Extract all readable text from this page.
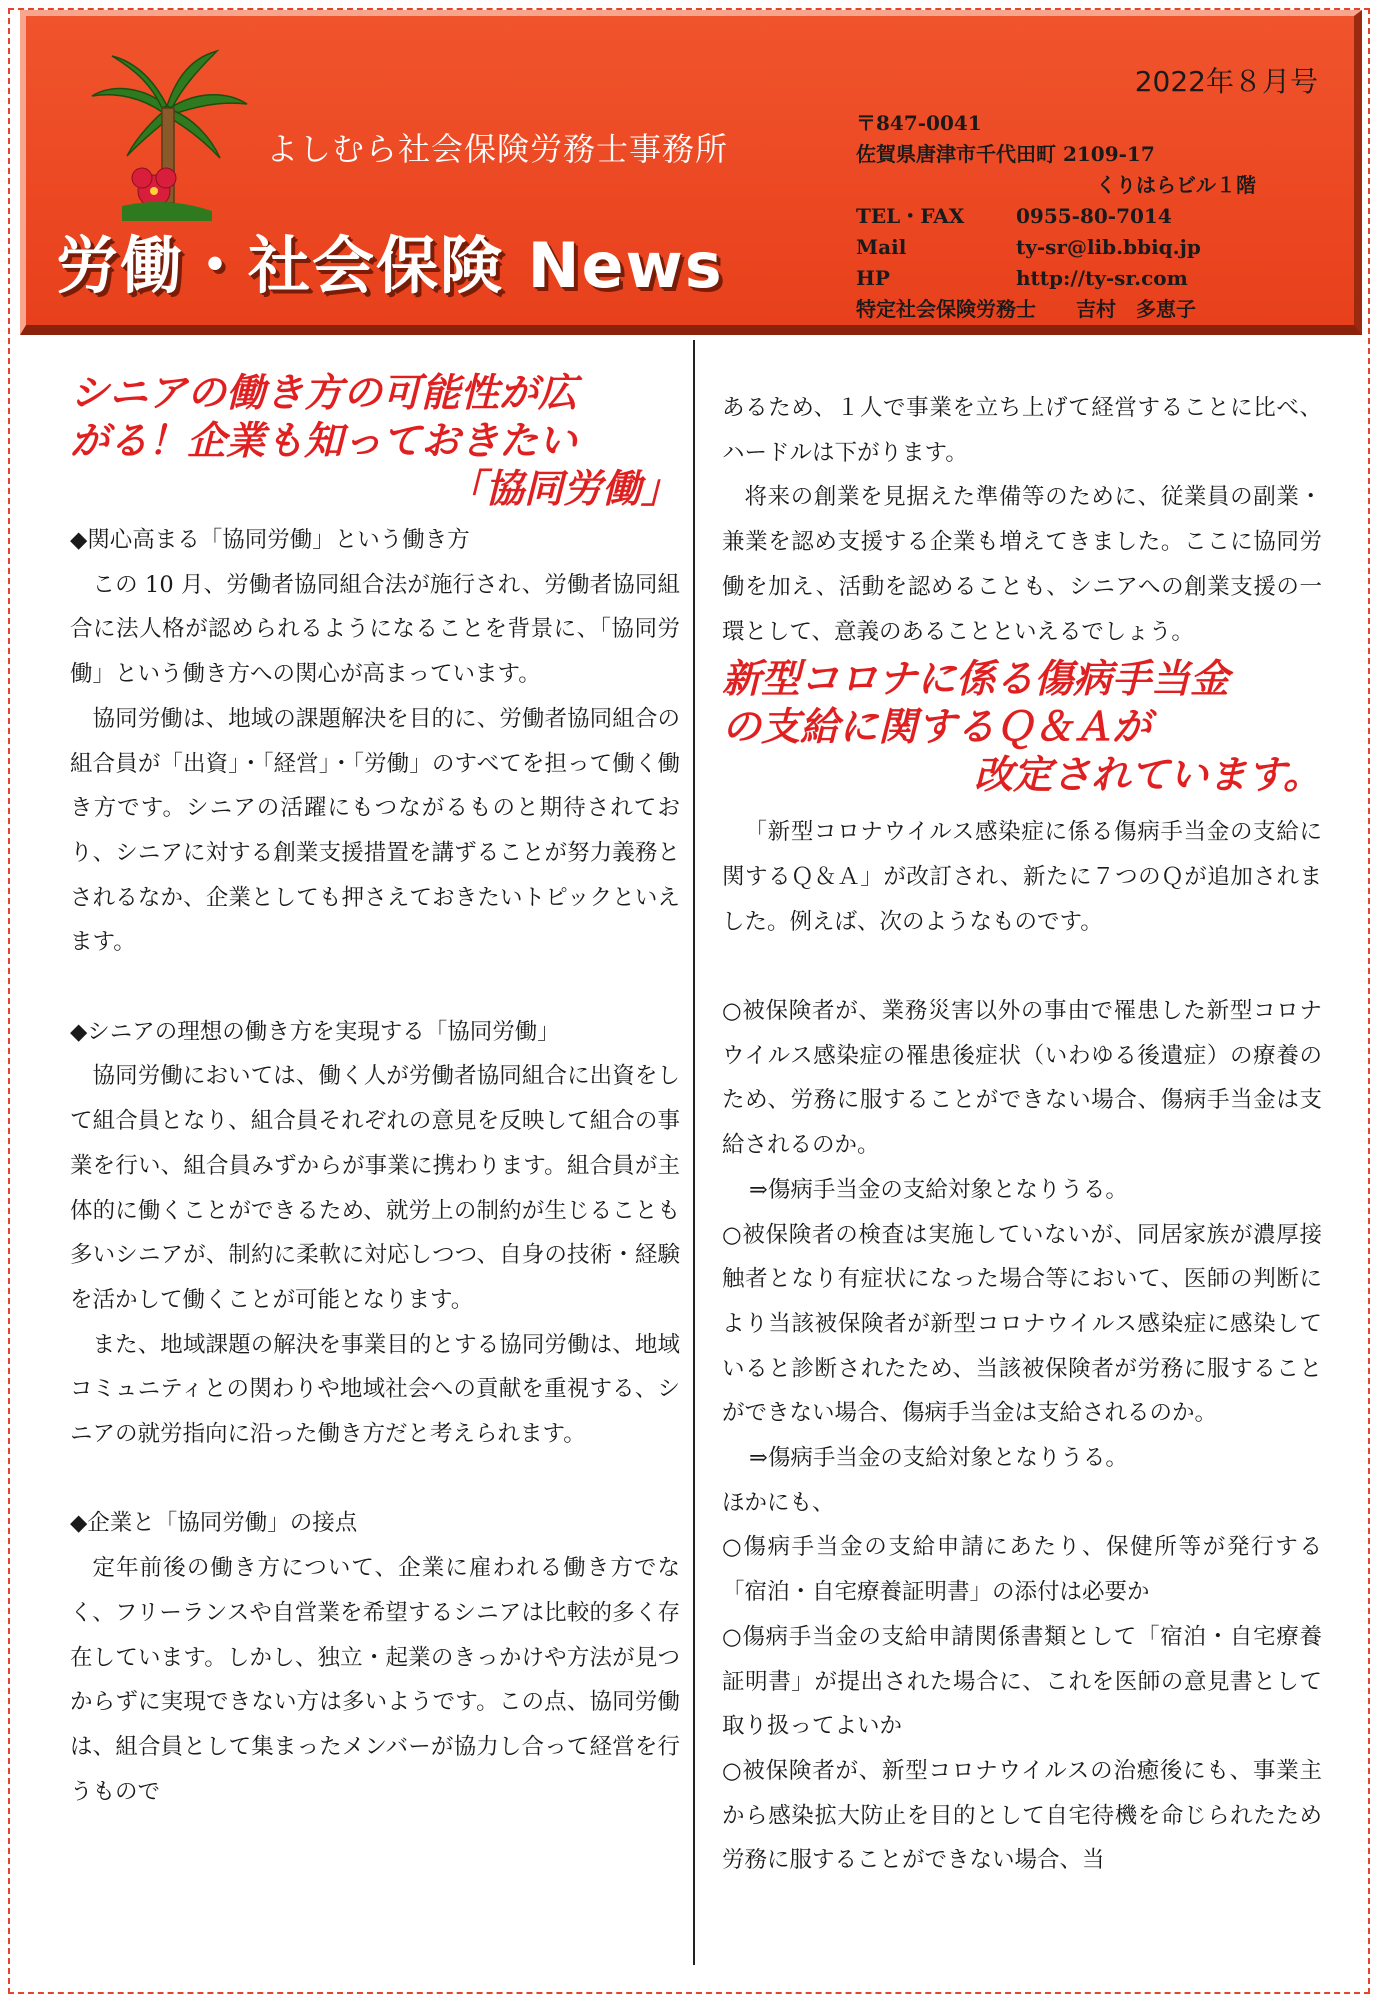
よしむら社会保険労務士事務所
労働・社会保険 News
2022年８月号
〒847-0041
佐賀県唐津市千代田町 2109-17
くりはらビル１階
TEL・FAX	0955-80-7014
Mail	ty-sr@lib.bbiq.jp
HP	http://ty-sr.com
特定社会保険労務士　　 吉村　多恵子
シニアの働き方の可能性が広
がる！企業も知っておきたい
「協同労働」

◆関心高まる「協同労働」という働き方

この 10 月、労働者協同組合法が施行され、労働者協同組合に法人格が認められるようになることを背景に、「協同労働」という働き方への関心が高まっています。

協同労働は、地域の課題解決を目的に、労働者協同組合の組合員が「出資」・「経営」・「労働」のすべてを担って働く働き方です。シニアの活躍にもつながるものと期待されており、シニアに対する創業支援措置を講ずることが努力義務とされるなか、企業としても押さえておきたいトピックといえます。

◆シニアの理想の働き方を実現する「協同労働」

協同労働においては、働く人が労働者協同組合に出資をして組合員となり、組合員それぞれの意見を反映して組合の事業を行い、組合員みずからが事業に携わります。組合員が主体的に働くことができるため、就労上の制約が生じることも多いシニアが、制約に柔軟に対応しつつ、自身の技術・経験を活かして働くことが可能となります。

また、地域課題の解決を事業目的とする協同労働は、地域コミュニティとの関わりや地域社会への貢献を重視する、シニアの就労指向に沿った働き方だと考えられます。

◆企業と「協同労働」の接点

定年前後の働き方について、企業に雇われる働き方でなく、フリーランスや自営業を希望するシニアは比較的多く存在しています。しかし、独立・起業のきっかけや方法が見つからずに実現できない方は多いようです。この点、協同労働は、組合員として集まったメンバーが協力し合って経営を行うもので

あるため、１人で事業を立ち上げて経営することに比べ、ハードルは下がります。

将来の創業を見据えた準備等のために、従業員の副業・兼業を認め支援する企業も増えてきました。ここに協同労働を加え、活動を認めることも、シニアへの創業支援の一環として、意義のあることといえるでしょう。

新型コロナに係る傷病手当金
の支給に関するＱ＆Ａが
改定されています。

「新型コロナウイルス感染症に係る傷病手当金の支給に関するＱ＆Ａ」が改訂され、新たに７つのＱが追加されました。例えば、次のようなものです。

○被保険者が、業務災害以外の事由で罹患した新型コロナウイルス感染症の罹患後症状（いわゆる後遺症）の療養のため、労務に服することができない場合、傷病手当金は支給されるのか。

⇒傷病手当金の支給対象となりうる。

○被保険者の検査は実施していないが、同居家族が濃厚接触者となり有症状になった場合等において、医師の判断により当該被保険者が新型コロナウイルス感染症に感染していると診断されたため、当該被保険者が労務に服することができない場合、傷病手当金は支給されるのか。

⇒傷病手当金の支給対象となりうる。

ほかにも、

○傷病手当金の支給申請にあたり、保健所等が発行する「宿泊・自宅療養証明書」の添付は必要か

○傷病手当金の支給申請関係書類として「宿泊・自宅療養証明書」が提出された場合に、これを医師の意見書として取り扱ってよいか

○被保険者が、新型コロナウイルスの治癒後にも、事業主から感染拡大防止を目的として自宅待機を命じられたため労務に服することができない場合、当
